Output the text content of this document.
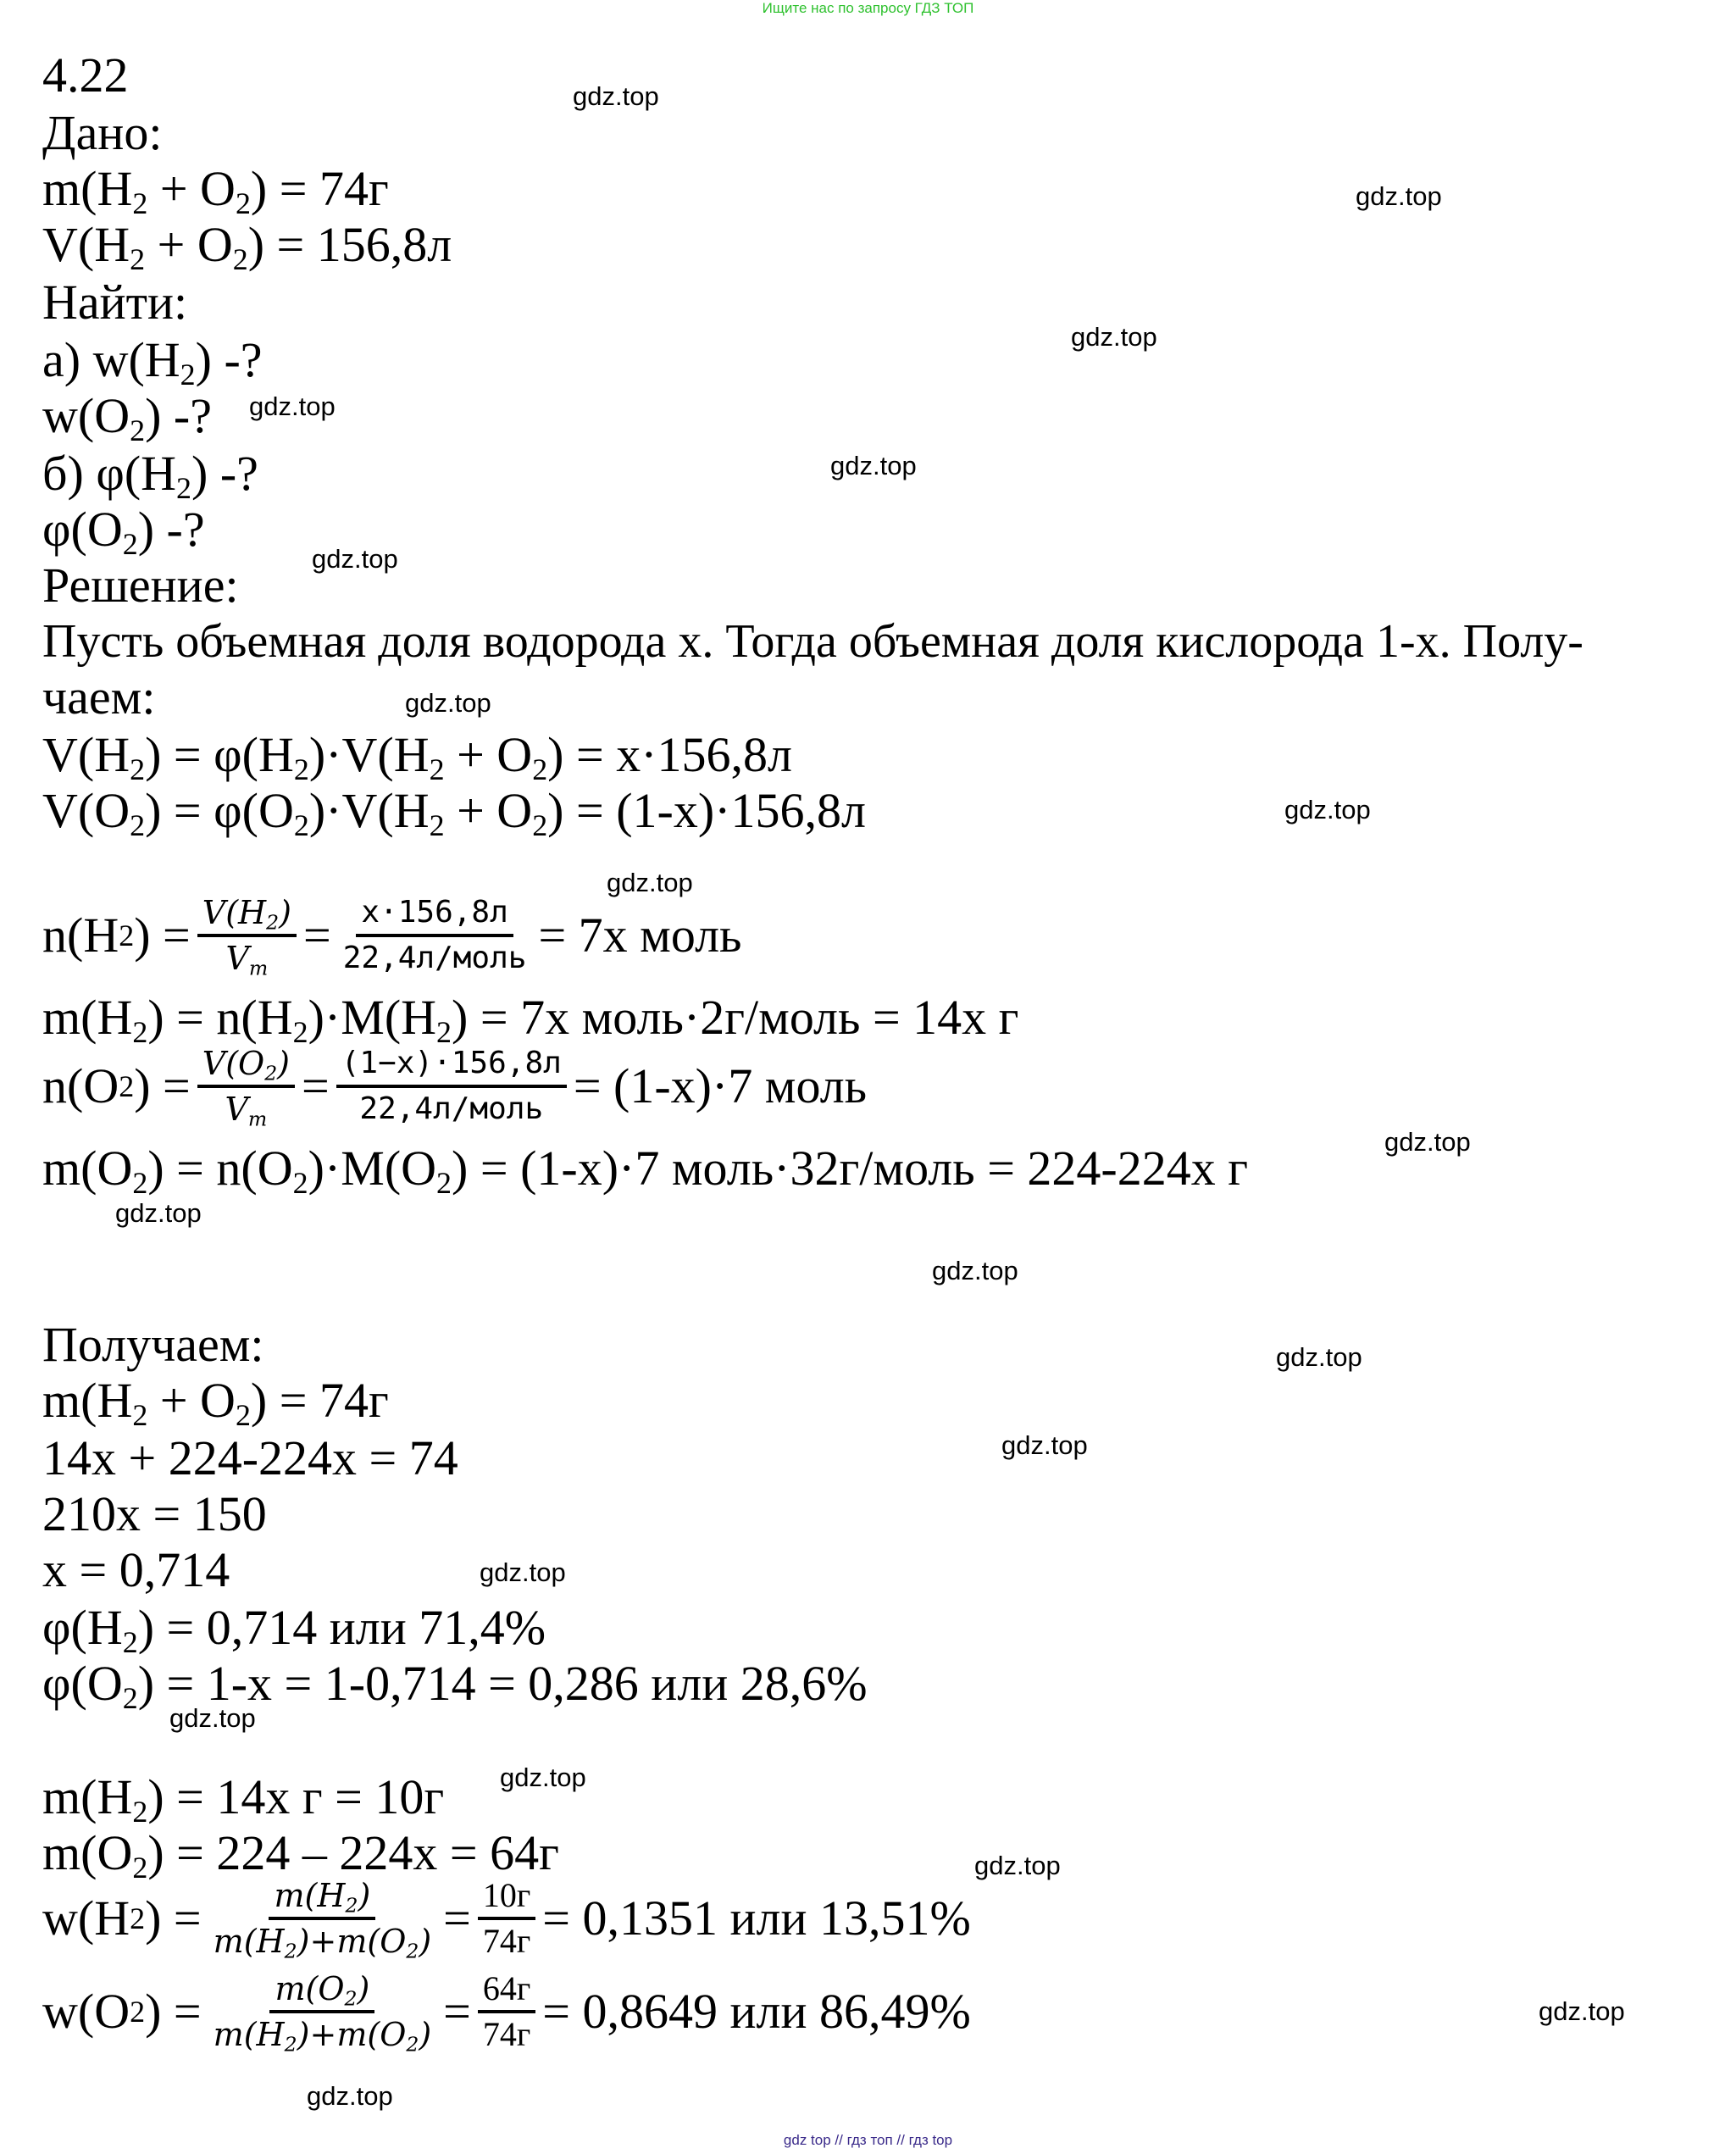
Ищите нас по запросу ГДЗ ТОП
gdz.top
gdz.top
gdz.top
gdz.top
gdz.top
gdz.top
gdz.top
gdz.top
gdz.top
gdz.top
gdz.top
gdz.top
gdz.top
gdz.top
gdz.top
gdz.top
gdz.top
gdz.top
gdz.top
gdz.top
4.22
Дано:
$m(H_2 + O_2) = 74г$
$V(H_2 + O_2) = 156,8л$
Найти:
а) $w(H_2)$ -?
$w(O_2)$ -?
б) $\varphi(H_2)$ -?
$\varphi(O_2)$ -?
Решение:
Пусть объемная доля водорода x. Тогда объемная доля кислорода 1-x. Полу-
чаем:
$V(H_2) = \varphi(H_2)\cdot V(H_2 + O_2) = x\cdot 156,8л$
$V(O_2) = \varphi(O_2)\cdot V(H_2 + O_2) = (1-x)\cdot 156,8л$
n ( H 2 )
= $\frac{V(H_2)}{V_m} = \frac{x\cdot 156,8л}{\text{22,4л/моль}}$ =
7x моль
$m(H_2) = n(H_2)\cdot M(H_2) = 7x$ моль·2г/моль = 14x г
n ( O 2 )
= $\frac{V(O_2)}{V_m} = \frac{(1-x)\cdot 156,8л}{\text{22,4л/моль}}$ =
(1-x)·7 моль
$m(O_2) = n(O_2)\cdot M(O_2) = (1-x)\cdot 7$ моль·32г/моль = 224-224x г
Получаем:
$m(H_2 + O_2) = 74г$
14x + 224-224x = 74
210x = 150
x = 0,714
$\varphi(H_2) = 0,714$ или 71,4%
$\varphi(O_2) = 1-x = 1-0,714 = 0,286$ или 28,6%
$m(H_2) = 14x$ г = 10г
$m(O_2) = 224 - 224x = 64г$
w ( H 2 )
= $\frac{m(H_2)}{m(H_2)+m(O_2)} = \frac{10г}{74г}$ =
0,1351 или 13,51%
w ( O 2 )
= $\frac{m(O_2)}{m(H_2)+m(O_2)} = \frac{64г}{74г}$ =
0,8649 или 86,49%
gdz top // гдз топ // гдз top
